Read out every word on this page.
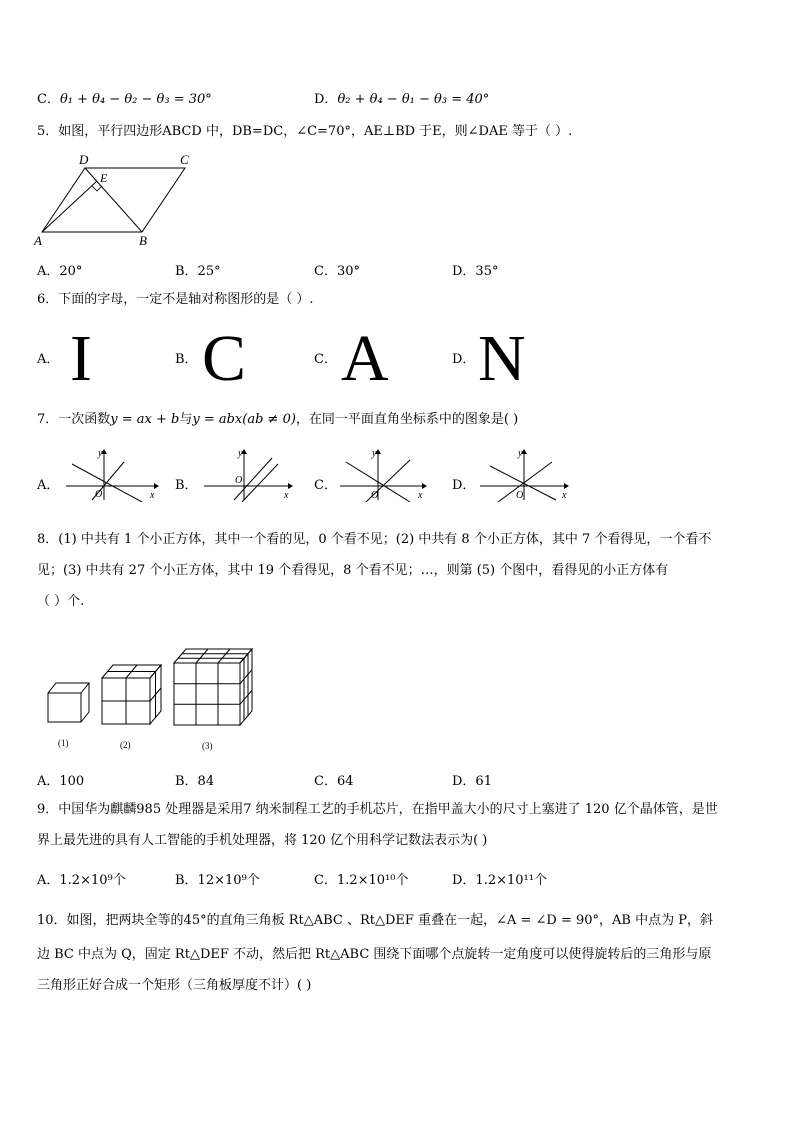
C．θ₁ + θ₄ − θ₂ − θ₃ = 30°	D．θ₂ + θ₄ − θ₁ − θ₃ = 40°
5．如图，平行四边形ABCD 中，DB=DC，∠C=70°，AE⊥BD 于E，则∠DAE 等于（ ）.
D	C
E
A	B
A．20°	B．25°	C．30°	D．35°
6．下面的字母，一定不是轴对称图形的是（ ）.
A． I	B． C	C． A	D． N
7．一次函数y = ax + b与y = abx(ab ≠ 0)，在同一平面直角坐标系中的图象是( )
A．
y
x
O
B．
y
x
O	C．
y
x
O
D．
y
x
O
8．(1) 中共有 1 个小正方体，其中一个看的见，0 个看不见；(2) 中共有 8 个小正方体，其中 7 个看得见，一个看不
见；(3) 中共有 27 个小正方体，其中 19 个看得见，8 个看不见；…，则第 (5) 个图中，看得见的小正方体有
（ ）个.
(1)	(2)	(3)
A．100	B．84	C．64	D．61
9．中国华为麒麟985 处理器是采用7 纳米制程工艺的手机芯片，在指甲盖大小的尺寸上塞进了 120 亿个晶体管，是世
界上最先进的具有人工智能的手机处理器，将 120 亿个用科学记数法表示为( )
A．1.2×10⁹个	B．12×10⁹个	C．1.2×10¹⁰个	D．1.2×10¹¹个
10．如图，把两块全等的45°的直角三角板 Rt△ABC 、Rt△DEF 重叠在一起，∠A = ∠D = 90°，AB 中点为 P，斜
边 BC 中点为 Q，固定 Rt△DEF 不动，然后把 Rt△ABC 围绕下面哪个点旋转一定角度可以使得旋转后的三角形与原
三角形正好合成一个矩形（三角板厚度不计）( )
